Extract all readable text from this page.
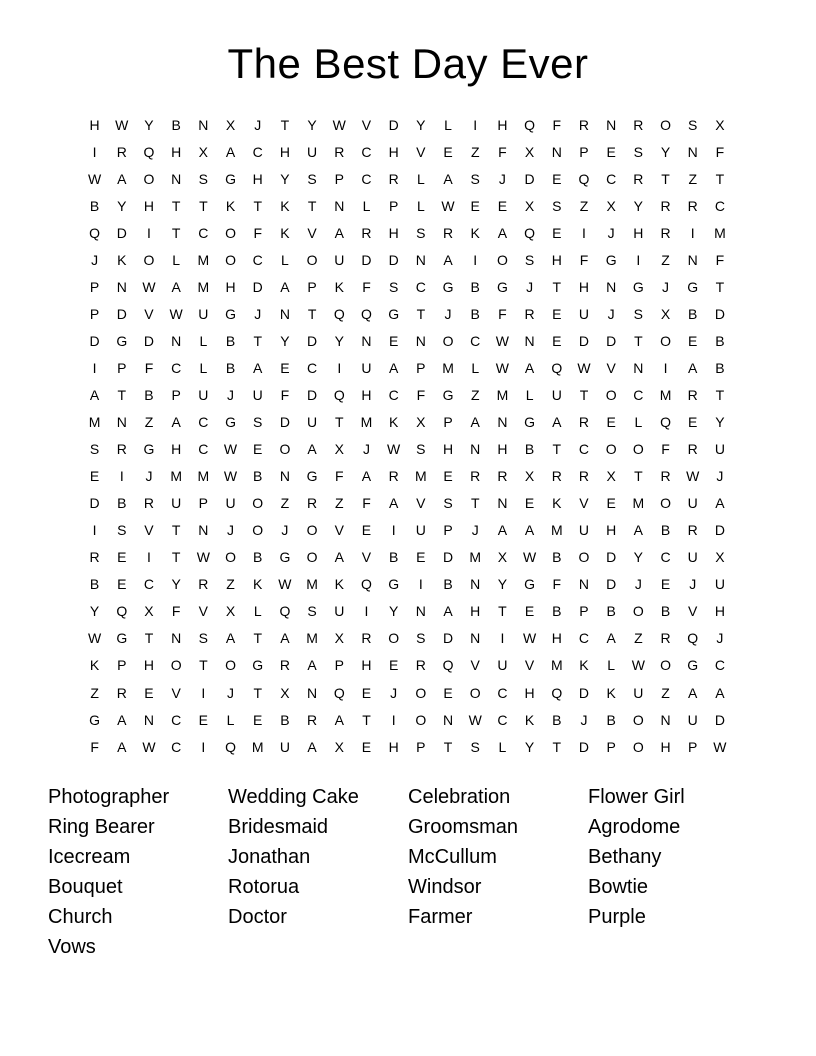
The Best Day Ever
H	W	Y	B	N	X	J	T	Y	W	V	D	Y	L	I	H	Q	F	R	N	R	O	S	X
I	R	Q	H	X	A	C	H	U	R	C	H	V	E	Z	F	X	N	P	E	S	Y	N	F
W	A	O	N	S	G	H	Y	S	P	C	R	L	A	S	J	D	E	Q	C	R	T	Z	T
B	Y	H	T	T	K	T	K	T	N	L	P	L	W	E	E	X	S	Z	X	Y	R	R	C
Q	D	I	T	C	O	F	K	V	A	R	H	S	R	K	A	Q	E	I	J	H	R	I	M
J	K	O	L	M	O	C	L	O	U	D	D	N	A	I	O	S	H	F	G	I	Z	N	F
P	N	W	A	M	H	D	A	P	K	F	S	C	G	B	G	J	T	H	N	G	J	G	T
P	D	V	W	U	G	J	N	T	Q	Q	G	T	J	B	F	R	E	U	J	S	X	B	D
D	G	D	N	L	B	T	Y	D	Y	N	E	N	O	C	W	N	E	D	D	T	O	E	B
I	P	F	C	L	B	A	E	C	I	U	A	P	M	L	W	A	Q	W	V	N	I	A	B
A	T	B	P	U	J	U	F	D	Q	H	C	F	G	Z	M	L	U	T	O	C	M	R	T
M	N	Z	A	C	G	S	D	U	T	M	K	X	P	A	N	G	A	R	E	L	Q	E	Y
S	R	G	H	C	W	E	O	A	X	J	W	S	H	N	H	B	T	C	O	O	F	R	U
E	I	J	M	M	W	B	N	G	F	A	R	M	E	R	R	X	R	R	X	T	R	W	J
D	B	R	U	P	U	O	Z	R	Z	F	A	V	S	T	N	E	K	V	E	M	O	U	A
I	S	V	T	N	J	O	J	O	V	E	I	U	P	J	A	A	M	U	H	A	B	R	D
R	E	I	T	W	O	B	G	O	A	V	B	E	D	M	X	W	B	O	D	Y	C	U	X
B	E	C	Y	R	Z	K	W	M	K	Q	G	I	B	N	Y	G	F	N	D	J	E	J	U
Y	Q	X	F	V	X	L	Q	S	U	I	Y	N	A	H	T	E	B	P	B	O	B	V	H
W	G	T	N	S	A	T	A	M	X	R	O	S	D	N	I	W	H	C	A	Z	R	Q	J
K	P	H	O	T	O	G	R	A	P	H	E	R	Q	V	U	V	M	K	L	W	O	G	C
Z	R	E	V	I	J	T	X	N	Q	E	J	O	E	O	C	H	Q	D	K	U	Z	A	A
G	A	N	C	E	L	E	B	R	A	T	I	O	N	W	C	K	B	J	B	O	N	U	D
F	A	W	C	I	Q	M	U	A	X	E	H	P	T	S	L	Y	T	D	P	O	H	P	W
Photographer
Ring Bearer
Icecream
Bouquet
Church
Vows
Wedding Cake
Bridesmaid
Jonathan
Rotorua
Doctor
Celebration
Groomsman
McCullum
Windsor
Farmer
Flower Girl
Agrodome
Bethany
Bowtie
Purple
